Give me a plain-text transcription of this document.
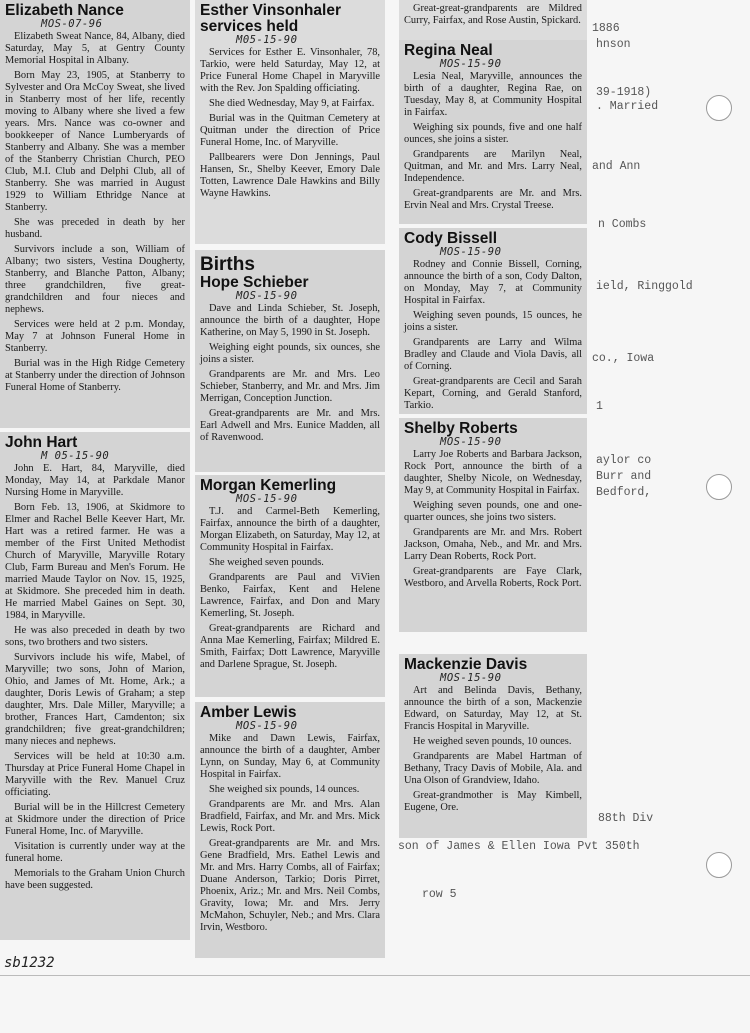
1886
hnson
39-1918)
. Married
and Ann
n Combs
ield, Ringgold
co., Iowa
1
aylor co
Burr and
Bedford,
88th Div
son of James & Ellen Iowa Pvt 350th
row 5
Elizabeth Nance
MOS-07-96

Elizabeth Sweat Nance, 84, Albany, died Saturday, May 5, at Gentry County Memorial Hospital in Albany.

Born May 23, 1905, at Stanberry to Sylvester and Ora McCoy Sweat, she lived in Stanberry most of her life, recently moving to Albany where she lived a few years. Mrs. Nance was co-owner and bookkeeper of Nance Lumberyards of Stanberry and Albany. She was a member of the Stanberry Christian Church, PEO Club, M.I. Club and Delphi Club, all of Stanberry. She was married in August 1929 to William Ethridge Nance at Stanberry.

She was preceded in death by her husband.

Survivors include a son, William of Albany; two sisters, Vestina Dougherty, Stanberry, and Blanche Patton, Albany; three grandchildren, five great-grandchildren and four nieces and nephews.

Services were held at 2 p.m. Monday, May 7 at Johnson Funeral Home in Stanberry.

Burial was in the High Ridge Cemetery at Stanberry under the direction of Johnson Funeral Home of Stanberry.

John Hart
M 05-15-90

John E. Hart, 84, Maryville, died Monday, May 14, at Parkdale Manor Nursing Home in Maryville.

Born Feb. 13, 1906, at Skidmore to Elmer and Rachel Belle Keever Hart, Mr. Hart was a retired farmer. He was a member of the First United Methodist Church of Maryville, Maryville Rotary Club, Farm Bureau and Men's Forum. He married Maude Taylor on Nov. 15, 1925, at Skidmore. She preceded him in death. He married Mabel Gaines on Sept. 30, 1984, in Maryville.

He was also preceded in death by two sons, two brothers and two sisters.

Survivors include his wife, Mabel, of Maryville; two sons, John of Marion, Ohio, and James of Mt. Home, Ark.; a daughter, Doris Lewis of Graham; a step daughter, Mrs. Dale Miller, Maryville; a brother, Frances Hart, Camdenton; six grandchildren; five great-grandchildren; many nieces and nephews.

Services will be held at 10:30 a.m. Thursday at Price Funeral Home Chapel in Maryville with the Rev. Manuel Cruz officiating.

Burial will be in the Hillcrest Cemetery at Skidmore under the direction of Price Funeral Home, Inc. of Maryville.

Visitation is currently under way at the funeral home.

Memorials to the Graham Union Church have been suggested.

Esther Vinsonhaler services held
M05-15-90

Services for Esther E. Vinsonhaler, 78, Tarkio, were held Saturday, May 12, at Price Funeral Home Chapel in Maryville with the Rev. Jon Spalding officiating.

She died Wednesday, May 9, at Fairfax.

Burial was in the Quitman Cemetery at Quitman under the direction of Price Funeral Home, Inc. of Maryville.

Pallbearers were Don Jennings, Paul Hansen, Sr., Shelby Keever, Emory Dale Totten, Lawrence Dale Hawkins and Billy Wayne Hawkins.

Births
Hope Schieber
MOS-15-90

Dave and Linda Schieber, St. Joseph, announce the birth of a daughter, Hope Katherine, on May 5, 1990 in St. Joseph.

Weighing eight pounds, six ounces, she joins a sister.

Grandparents are Mr. and Mrs. Leo Schieber, Stanberry, and Mr. and Mrs. Jim Merrigan, Conception Junction.

Great-grandparents are Mr. and Mrs. Earl Adwell and Mrs. Eunice Madden, all of Ravenwood.

Morgan Kemerling
MOS-15-90

T.J. and Carmel-Beth Kemerling, Fairfax, announce the birth of a daughter, Morgan Elizabeth, on Saturday, May 12, at Community Hospital in Fairfax.

She weighed seven pounds.

Grandparents are Paul and ViVien Benko, Fairfax, Kent and Helene Lawrence, Fairfax, and Don and Mary Kemerling, St. Joseph.

Great-grandparents are Richard and Anna Mae Kemerling, Fairfax; Mildred E. Smith, Fairfax; Dott Lawrence, Maryville and Darlene Sprague, St. Joseph.

Amber Lewis
MOS-15-90

Mike and Dawn Lewis, Fairfax, announce the birth of a daughter, Amber Lynn, on Sunday, May 6, at Community Hospital in Fairfax.

She weighed six pounds, 14 ounces.

Grandparents are Mr. and Mrs. Alan Bradfield, Fairfax, and Mr. and Mrs. Mick Lewis, Rock Port.

Great-grandparents are Mr. and Mrs. Gene Bradfield, Mrs. Eathel Lewis and Mr. and Mrs. Harry Combs, all of Fairfax; Duane Anderson, Tarkio; Doris Pirret, Phoenix, Ariz.; Mr. and Mrs. Neil Combs, Gravity, Iowa; Mr. and Mrs. Jerry McMahon, Schuyler, Neb.; and Mrs. Clara Irvin, Westboro.

Great-great-grandparents are Mildred Curry, Fairfax, and Rose Austin, Spickard.

Regina Neal
MOS-15-90

Lesia Neal, Maryville, announces the birth of a daughter, Regina Rae, on Tuesday, May 8, at Community Hospital in Fairfax.

Weighing six pounds, five and one half ounces, she joins a sister.

Grandparents are Marilyn Neal, Quitman, and Mr. and Mrs. Larry Neal, Independence.

Great-grandparents are Mr. and Mrs. Ervin Neal and Mrs. Crystal Treese.

Cody Bissell
MOS-15-90

Rodney and Connie Bissell, Corning, announce the birth of a son, Cody Dalton, on Monday, May 7, at Community Hospital in Fairfax.

Weighing seven pounds, 15 ounces, he joins a sister.

Grandparents are Larry and Wilma Bradley and Claude and Viola Davis, all of Corning.

Great-grandparents are Cecil and Sarah Kepart, Corning, and Gerald Stanford, Tarkio.

Shelby Roberts
MOS-15-90

Larry Joe Roberts and Barbara Jackson, Rock Port, announce the birth of a daughter, Shelby Nicole, on Wednesday, May 9, at Community Hospital in Fairfax.

Weighing seven pounds, one and one-quarter ounces, she joins two sisters.

Grandparents are Mr. and Mrs. Robert Jackson, Omaha, Neb., and Mr. and Mrs. Larry Dean Roberts, Rock Port.

Great-grandparents are Faye Clark, Westboro, and Arvella Roberts, Rock Port.

Mackenzie Davis
MOS-15-90

Art and Belinda Davis, Bethany, announce the birth of a son, Mackenzie Edward, on Saturday, May 12, at St. Francis Hospital in Maryville.

He weighed seven pounds, 10 ounces.

Grandparents are Mabel Hartman of Bethany, Tracy Davis of Mobile, Ala. and Una Olson of Grandview, Idaho.

Great-grandmother is May Kimbell, Eugene, Ore.

sb1232
